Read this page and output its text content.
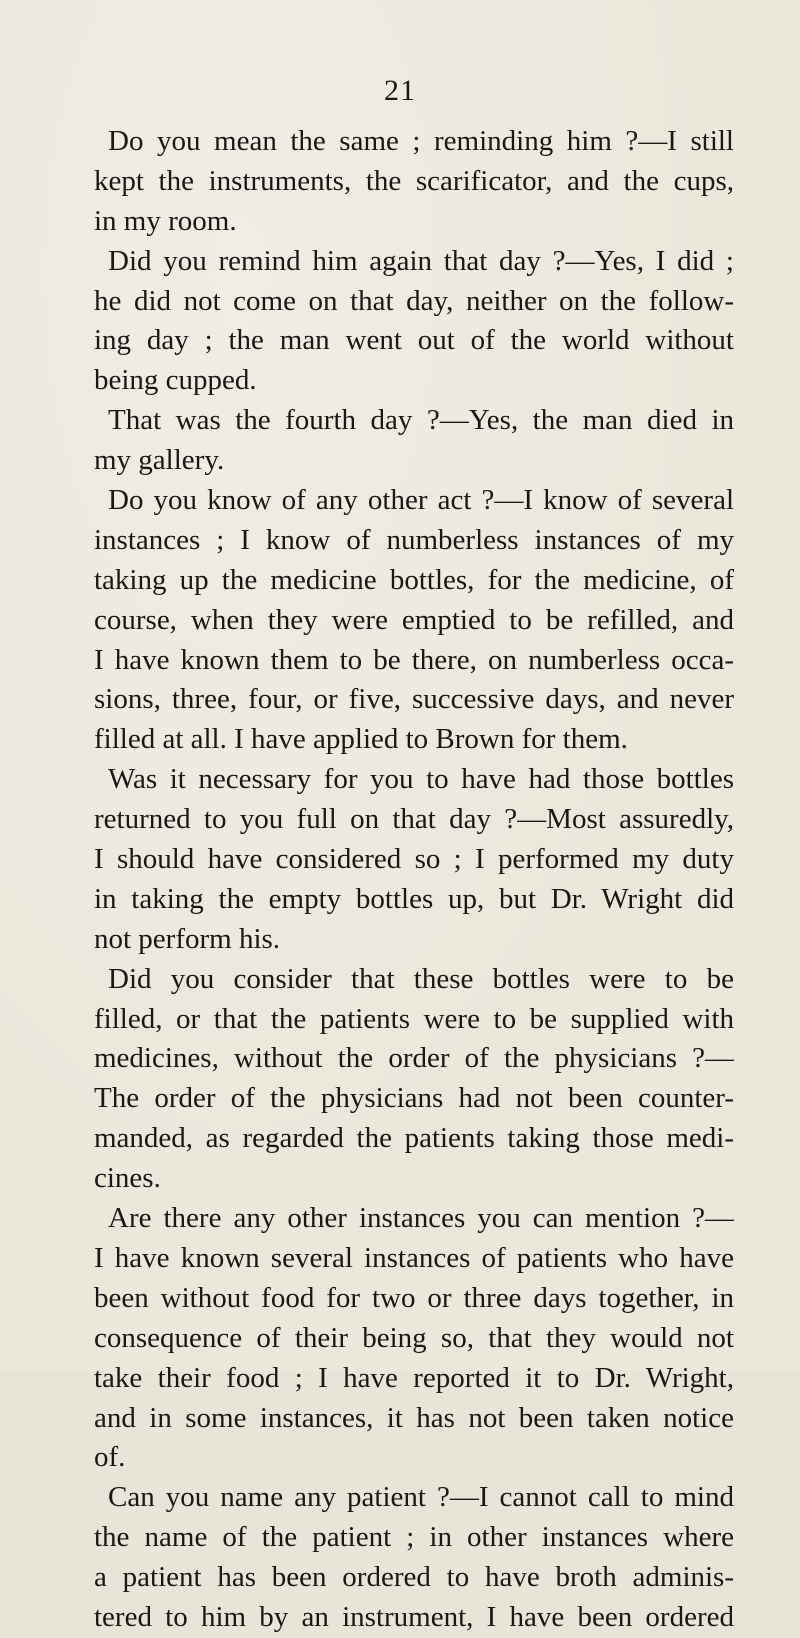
21
Do you mean the same ; reminding him ?—I still
kept the instruments, the scarificator, and the cups,
in my room.
Did you remind him again that day ?—Yes, I did ;
he did not come on that day, neither on the follow-
ing day ; the man went out of the world without
being cupped.
That was the fourth day ?—Yes, the man died in
my gallery.
Do you know of any other act ?—I know of several
instances ; I know of numberless instances of my
taking up the medicine bottles, for the medicine, of
course, when they were emptied to be refilled, and
I have known them to be there, on numberless occa-
sions, three, four, or five, successive days, and never
filled at all. I have applied to Brown for them.
Was it necessary for you to have had those bottles
returned to you full on that day ?—Most assuredly,
I should have considered so ; I performed my duty
in taking the empty bottles up, but Dr. Wright did
not perform his.
Did you consider that these bottles were to be
filled, or that the patients were to be supplied with
medicines, without the order of the physicians ?—
The order of the physicians had not been counter-
manded, as regarded the patients taking those medi-
cines.
Are there any other instances you can mention ?—
I have known several instances of patients who have
been without food for two or three days together, in
consequence of their being so, that they would not
take their food ; I have reported it to Dr. Wright,
and in some instances, it has not been taken notice
of.
Can you name any patient ?—I cannot call to mind
the name of the patient ; in other instances where
a patient has been ordered to have broth adminis-
tered to him by an instrument, I have been ordered
